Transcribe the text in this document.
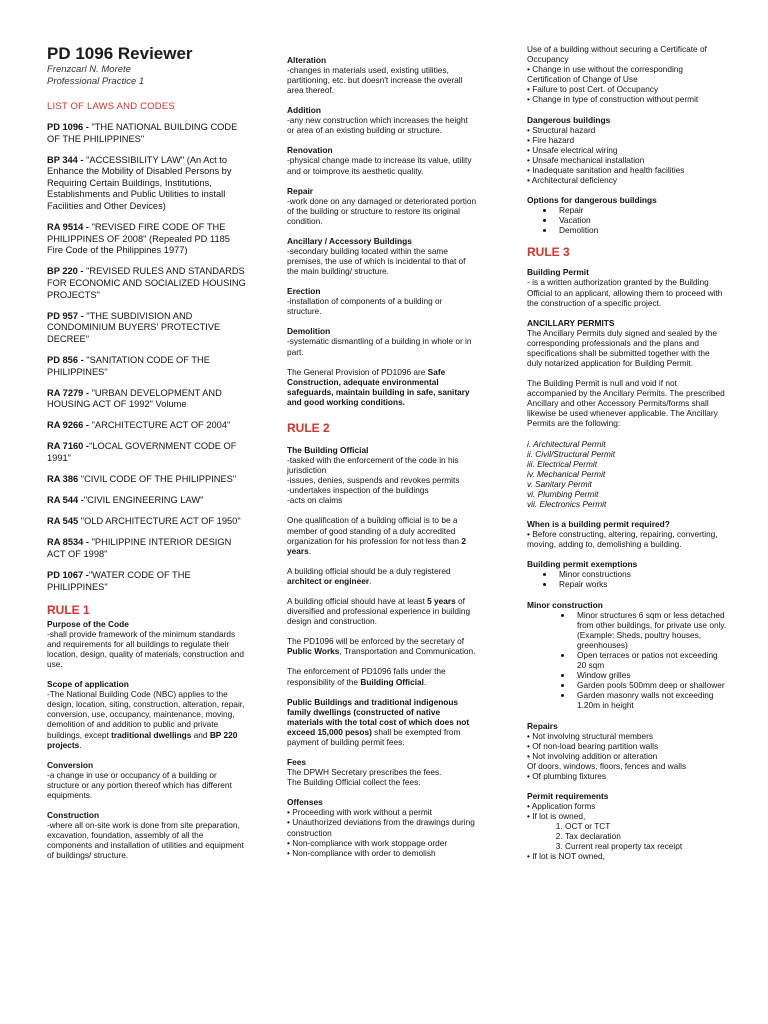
PD 1096 Reviewer
Frenzcarl N. Morete
Professional Practice 1
LIST OF LAWS AND CODES
PD 1096 - "THE NATIONAL BUILDING CODE OF THE PHILIPPINES"
BP 344 - "ACCESSIBILITY LAW" (An Act to Enhance the Mobility of Disabled Persons by Requiring Certain Buildings, Institutions, Establishments and Public Utilities to install Facilities and Other Devices)
RA 9514 - "REVISED FIRE CODE OF THE PHILIPPINES OF 2008" (Repealed PD 1185 Fire Code of the Philippines 1977)
BP 220 - "REVISED RULES AND STANDARDS FOR ECONOMIC AND SOCIALIZED HOUSING PROJECTS"
PD 957 - "THE SUBDIVISION AND CONDOMINIUM BUYERS' PROTECTIVE DECREE"
PD 856 - "SANITATION CODE OF THE PHILIPPINES"
RA 7279 - "URBAN DEVELOPMENT AND HOUSING ACT OF 1992" Volume
RA 9266 - "ARCHITECTURE ACT OF 2004"
RA 7160 -"LOCAL GOVERNMENT CODE OF 1991"
RA 386 "CIVIL CODE OF THE PHILIPPINES"
RA 544 -"CIVIL ENGINEERING LAW"
RA 545 "OLD ARCHITECTURE ACT OF 1950"
RA 8534 - "PHILIPPINE INTERIOR DESIGN ACT OF 1998"
PD 1067 -"WATER CODE OF THE PHILIPPINES"
RULE 1
Purpose of the Code
-shall provide framework of the minimum standards and requirements for all buildings to regulate their location, design, quality of materials, construction and use.
Scope of application
-The National Building Code (NBC) applies to the design, location, siting, construction, alteration, repair, conversion, use, occupancy, maintenance, moving, demolition of and addition to public and private buildings, except traditional dwellings and BP 220 projects.
Conversion
-a change in use or occupancy of a building or structure or any portion thereof which has different equipments.
Construction
-where all on-site work is done from site preparation, excavation, foundation, assembly of all the components and installation of utilities and equipment of buildings/ structure.
Alteration
-changes in materials used, existing utilities, partitioning, etc. but doesn't increase the overall area thereof.
Addition
-any new construction which increases the height or area of an existing building or structure.
Renovation
-physical change made to increase its value, utility and or toimprove its aesthetic quality.
Repair
-work done on any damaged or deteriorated portion of the building or structure to restore its original condition.
Ancillary / Accessory Buildings
-secondary building located within the same premises, the use of which is incidental to that of the main building/ structure.
Erection
-installation of components of a building or structure.
Demolition
-systematic dismantling of a building in whole or in part.
The General Provision of PD1096 are Safe Construction, adequate environmental safeguards, maintain building in safe, sanitary and good working conditions.
RULE 2
The Building Official
-tasked with the enforcement of the code in his jurisdiction
-issues, denies, suspends and revokes permits
-undertakes inspection of the buildings
-acts on claims
One qualification of a building official is to be a member of good standing of a duly accredited organization for his profession for not less than 2 years.
A building official should be a duly registered architect or engineer.
A building official should have at least 5 years of diversified and professional experience in building design and construction.
The PD1096 will be enforced by the secretary of Public Works, Transportation and Communication.
The enforcement of PD1096 falls under the responsibility of the Building Official.
Public Buildings and traditional indigenous family dwellings (constructed of native materials with the total cost of which does not exceed 15,000 pesos) shall be exempted from payment of building permit fees.
Fees
The DPWH Secretary prescribes the fees.
The Building Official collect the fees.
Offenses
• Proceeding with work without a permit
• Unauthorized deviations from the drawings during construction
• Non-compliance with work stoppage order
• Non-compliance with order to demolish
Use of a building without securing a Certificate of Occupancy
• Change in use without the corresponding Certification of Change of Use
• Failure to post Cert. of Occupancy
• Change in type of construction without permit
Dangerous buildings
• Structural hazard
• Fire hazard
• Unsafe electrical wiring
• Unsafe mechanical installation
• Inadequate sanitation and health facilities
• Architectural deficiency
Options for dangerous buildings
• Repair
• Vacation
• Demolition
RULE 3
Building Permit
- is a written authorization granted by the Building Official to an applicant, allowing them to proceed with the construction of a specific project.
ANCILLARY PERMITS
The Ancillary Permits duly signed and sealed by the corresponding professionals and the plans and specifications shall be submitted together with the duly notarized application for Building Permit.
The Building Permit is null and void if not accompanied by the Ancillary Permits. The prescribed Ancillary and other Accessory Permits/forms shall likewise be used whenever applicable. The Ancillary Permits are the following:
i. Architectural Permit
ii. Civil/Structural Permit
iii. Electrical Permit
iv. Mechanical Permit
v. Sanitary Permit
vi. Plumbing Permit
vii. Electronics Permit
When is a building permit required?
• Before constructing, altering, repairing, converting, moving, adding to, demolishing a building.
Building permit exemptions
• Minor constructions
• Repair works
Minor construction
• Minor structures 6 sqm or less detached from other buildings, for private use only. (Example: Sheds, poultry houses, greenhouses)
• Open terraces or patios not exceeding 20 sqm
• Window grilles
• Garden pools 500mm deep or shallower
• Garden masonry walls not exceeding 1.20m in height
Repairs
• Not involving structural members
• Of non-load bearing partition walls
• Not involving addition or alteration
Of doors, windows, floors, fences and walls
• Of plumbing fixtures
Permit requirements
• Application forms
• If lot is owned,
1. OCT or TCT
2. Tax declaration
3. Current real property tax receipt
• If lot is NOT owned,
